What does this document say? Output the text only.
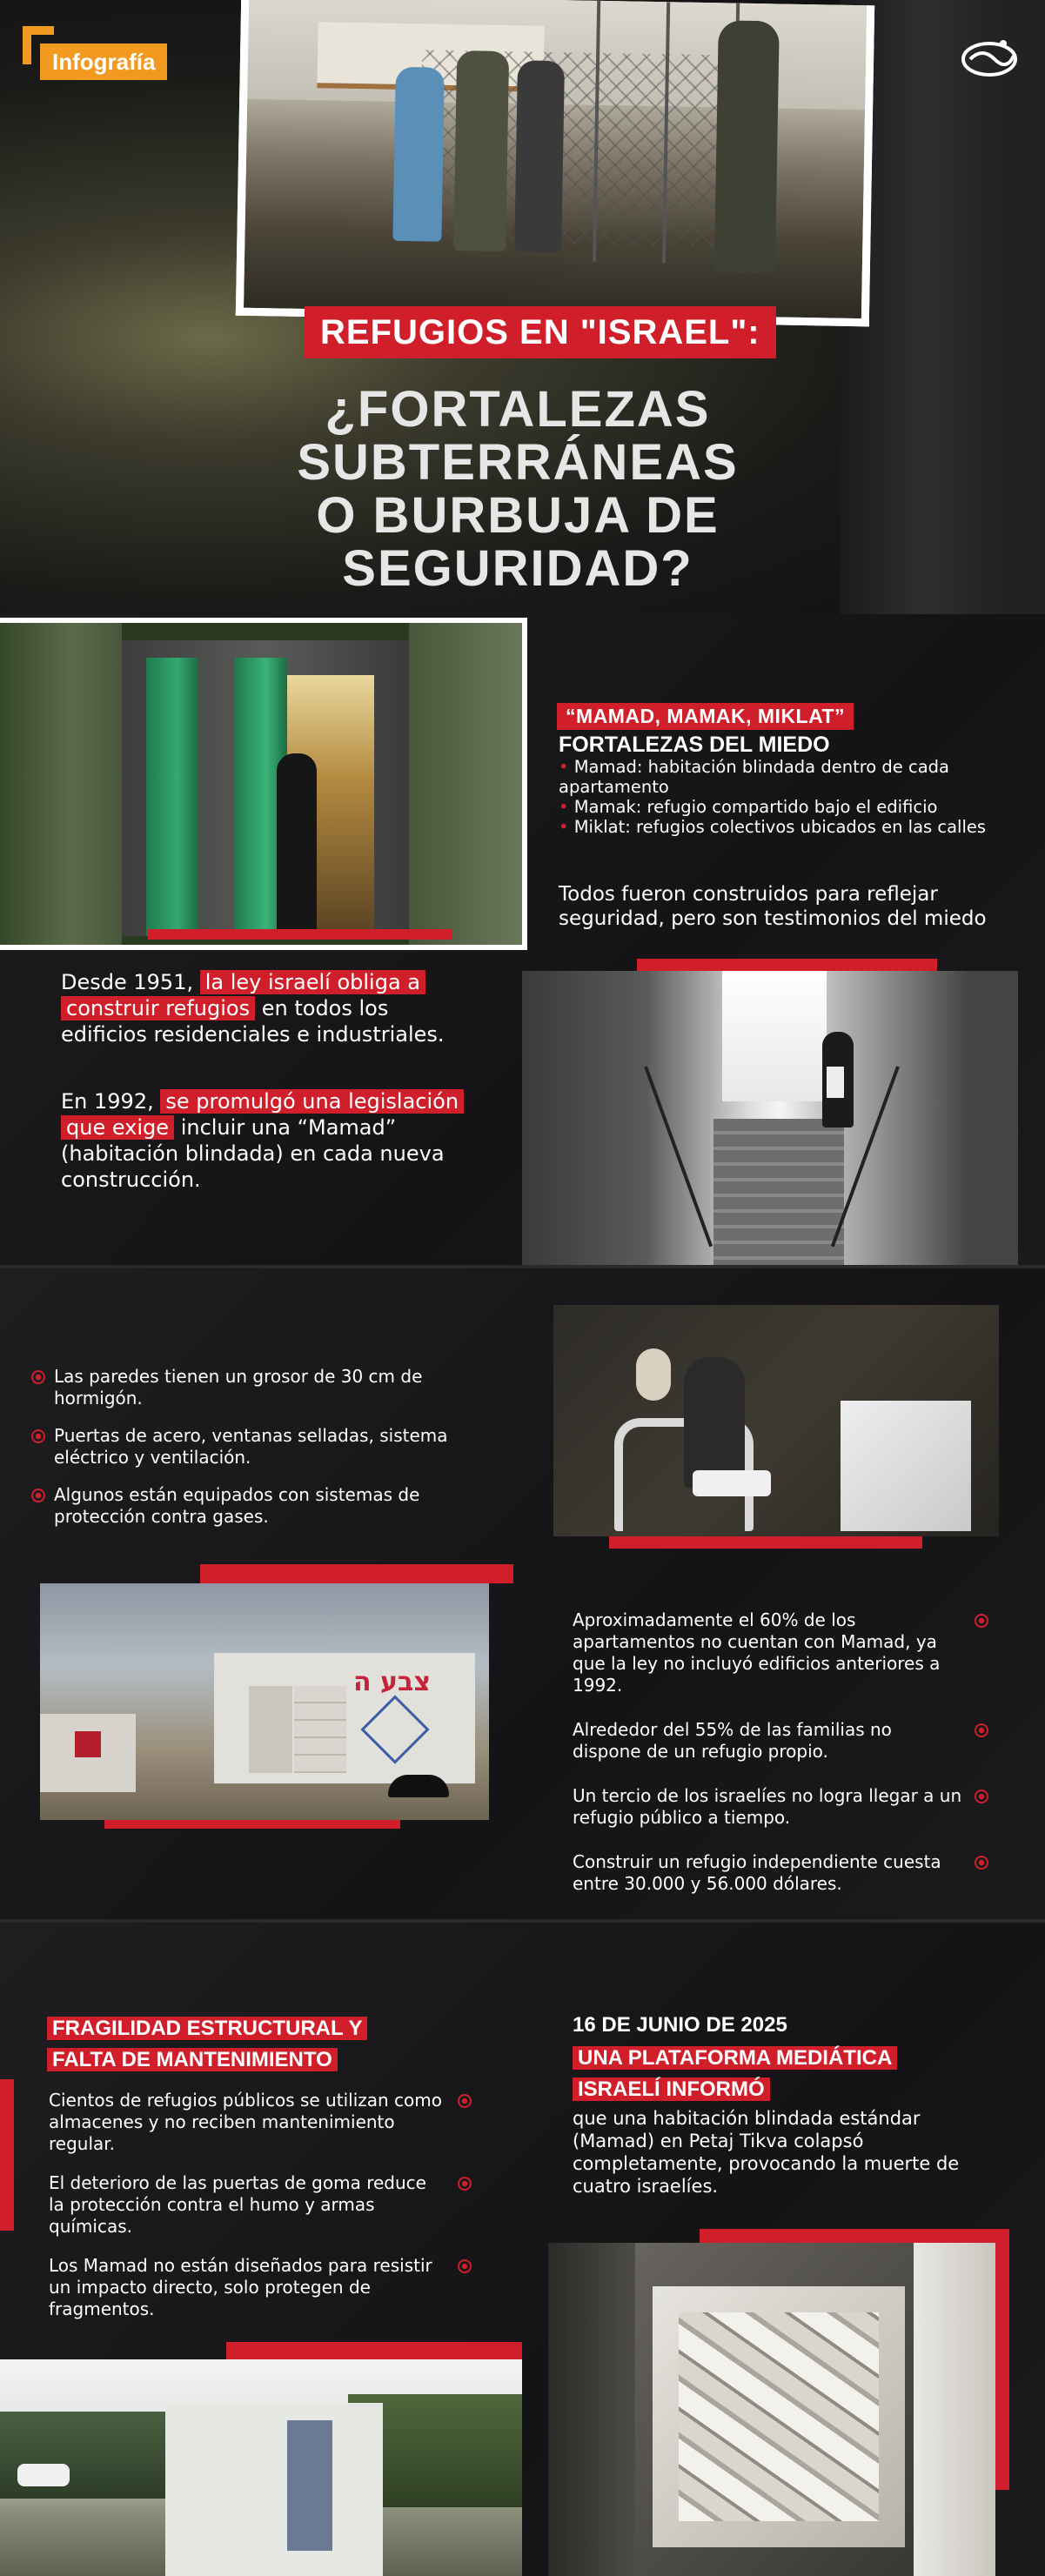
Infografía
REFUGIOS EN "ISRAEL":
¿FORTALEZAS
SUBTERRÁNEAS
O BURBUJA DE
SEGURIDAD?
“MAMAD, MAMAK, MIKLAT”
FORTALEZAS DEL MIEDO
• Mamad: habitación blindada dentro de cada apartamento
• Mamak: refugio compartido bajo el edificio
• Miklat: refugios colectivos ubicados en las calles
Todos fueron construidos para reflejar seguridad, pero son testimonios del miedo
Desde 1951, la ley israelí obliga a construir refugios en todos los edificios residenciales e industriales.
En 1992, se promulgó una legislación que exige incluir una “Mamad” (habitación blindada) en cada nueva construcción.
Las paredes tienen un grosor de 30 cm de hormigón.
Puertas de acero, ventanas selladas, sistema eléctrico y ventilación.
Algunos están equipados con sistemas de protección contra gases.
צבע ה
Aproximadamente el 60% de los apartamentos no cuentan con Mamad, ya que la ley no incluyó edificios anteriores a 1992.
Alrededor del 55% de las familias no dispone de un refugio propio.
Un tercio de los israelíes no logra llegar a un refugio público a tiempo.
Construir un refugio independiente cuesta entre 30.000 y 56.000 dólares.
FRAGILIDAD ESTRUCTURAL Y
FALTA DE MANTENIMIENTO
Cientos de refugios públicos se utilizan como almacenes y no reciben mantenimiento regular.
El deterioro de las puertas de goma reduce la protección contra el humo y armas químicas.
Los Mamad no están diseñados para resistir un impacto directo, solo protegen de fragmentos.
16 DE JUNIO DE 2025
UNA PLATAFORMA MEDIÁTICA
ISRAELÍ INFORMÓ
que una habitación blindada estándar (Mamad) en Petaj Tikva colapsó completamente, provocando la muerte de cuatro israelíes.
